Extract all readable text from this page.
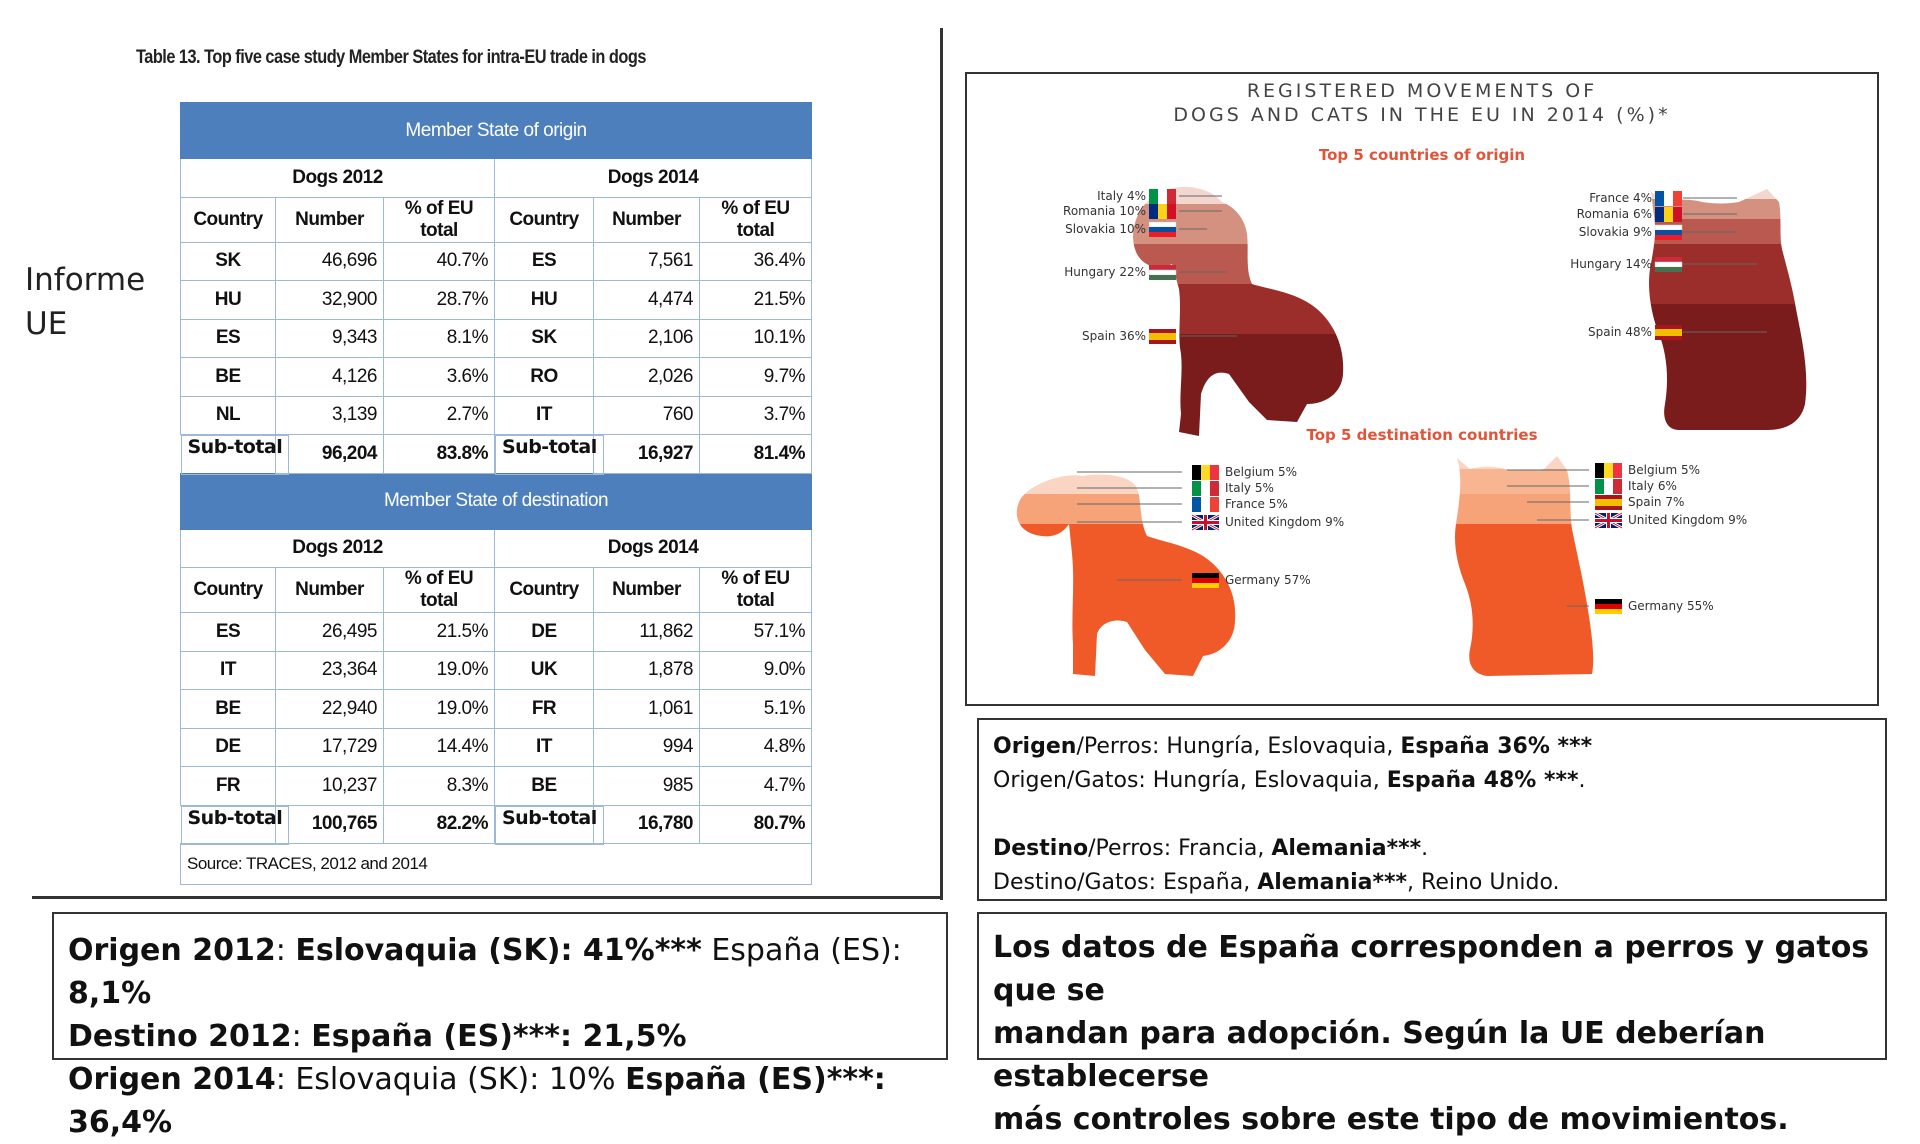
Informe
UE
Table 13. Top five case study Member States for intra-EU trade in dogs
Member State of origin					
Dogs 2012			Dogs 2014		
Country	Number	% of EU total	Country	Number	% of EU total
SK	46,696	40.7%	ES	7,561	36.4%
HU	32,900	28.7%	HU	4,474	21.5%
ES	9,343	8.1%	SK	2,106	10.1%
BE	4,126	3.6%	RO	2,026	9.7%
NL	3,139	2.7%	IT	760	3.7%

Sub-total	96,204	83.8%	Sub-total	16,927	81.4%
Member State of destination					
Dogs 2012			Dogs 2014		
Country	Number	% of EU total	Country	Number	% of EU total
ES	26,495	21.5%	DE	11,862	57.1%
IT	23,364	19.0%	UK	1,878	9.0%
BE	22,940	19.0%	FR	1,061	5.1%
DE	17,729	14.4%	IT	994	4.8%
FR	10,237	8.3%	BE	985	4.7%

Sub-total	100,765	82.2%	Sub-total	16,780	80.7%
Source: TRACES, 2012 and 2014					
REGISTERED MOVEMENTS OF
DOGS AND CATS IN THE EU IN 2014 (%)*
Top 5 countries of origin
Top 5 destination countries
Italy 4%
Romania 10%
Slovakia 10%
Hungary 22%
Spain 36%
France 4%
Romania 6%
Slovakia 9%
Hungary 14%
Spain 48%
Belgium 5%
Italy 5%
France 5%
United Kingdom 9%
Germany 57%
Belgium 5%
Italy 6%
Spain 7%
United Kingdom 9%
Germany 55%
Origen/Perros: Hungría, Eslovaquia, España 36% ***
Origen/Gatos: Hungría, Eslovaquia, España 48% ***.
Destino/Perros: Francia, Alemania***.
Destino/Gatos: España, Alemania***, Reino Unido.
Origen 2012: Eslovaquia (SK): 41%*** España (ES): 8,1%
Destino 2012: España (ES)***: 21,5%
Origen 2014: Eslovaquia (SK): 10% España (ES)***: 36,4%
Los datos de España corresponden a perros y gatos que se
mandan para adopción. Según la UE deberían establecerse
más controles sobre este tipo de movimientos.
